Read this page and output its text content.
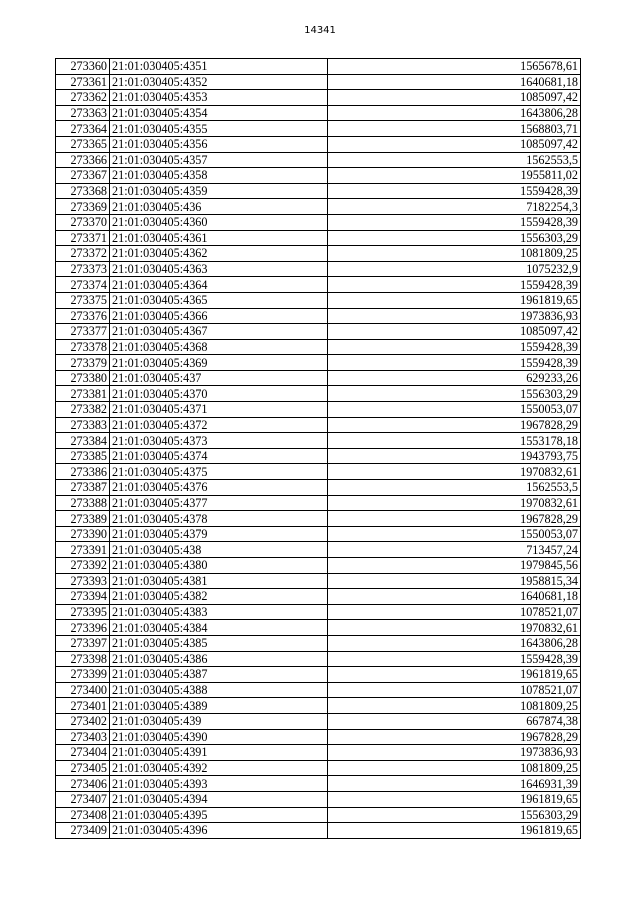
14341
273360	21:01:030405:4351	1565678,61
273361	21:01:030405:4352	1640681,18
273362	21:01:030405:4353	1085097,42
273363	21:01:030405:4354	1643806,28
273364	21:01:030405:4355	1568803,71
273365	21:01:030405:4356	1085097,42
273366	21:01:030405:4357	1562553,5
273367	21:01:030405:4358	1955811,02
273368	21:01:030405:4359	1559428,39
273369	21:01:030405:436	7182254,3
273370	21:01:030405:4360	1559428,39
273371	21:01:030405:4361	1556303,29
273372	21:01:030405:4362	1081809,25
273373	21:01:030405:4363	1075232,9
273374	21:01:030405:4364	1559428,39
273375	21:01:030405:4365	1961819,65
273376	21:01:030405:4366	1973836,93
273377	21:01:030405:4367	1085097,42
273378	21:01:030405:4368	1559428,39
273379	21:01:030405:4369	1559428,39
273380	21:01:030405:437	629233,26
273381	21:01:030405:4370	1556303,29
273382	21:01:030405:4371	1550053,07
273383	21:01:030405:4372	1967828,29
273384	21:01:030405:4373	1553178,18
273385	21:01:030405:4374	1943793,75
273386	21:01:030405:4375	1970832,61
273387	21:01:030405:4376	1562553,5
273388	21:01:030405:4377	1970832,61
273389	21:01:030405:4378	1967828,29
273390	21:01:030405:4379	1550053,07
273391	21:01:030405:438	713457,24
273392	21:01:030405:4380	1979845,56
273393	21:01:030405:4381	1958815,34
273394	21:01:030405:4382	1640681,18
273395	21:01:030405:4383	1078521,07
273396	21:01:030405:4384	1970832,61
273397	21:01:030405:4385	1643806,28
273398	21:01:030405:4386	1559428,39
273399	21:01:030405:4387	1961819,65
273400	21:01:030405:4388	1078521,07
273401	21:01:030405:4389	1081809,25
273402	21:01:030405:439	667874,38
273403	21:01:030405:4390	1967828,29
273404	21:01:030405:4391	1973836,93
273405	21:01:030405:4392	1081809,25
273406	21:01:030405:4393	1646931,39
273407	21:01:030405:4394	1961819,65
273408	21:01:030405:4395	1556303,29
273409	21:01:030405:4396	1961819,65
